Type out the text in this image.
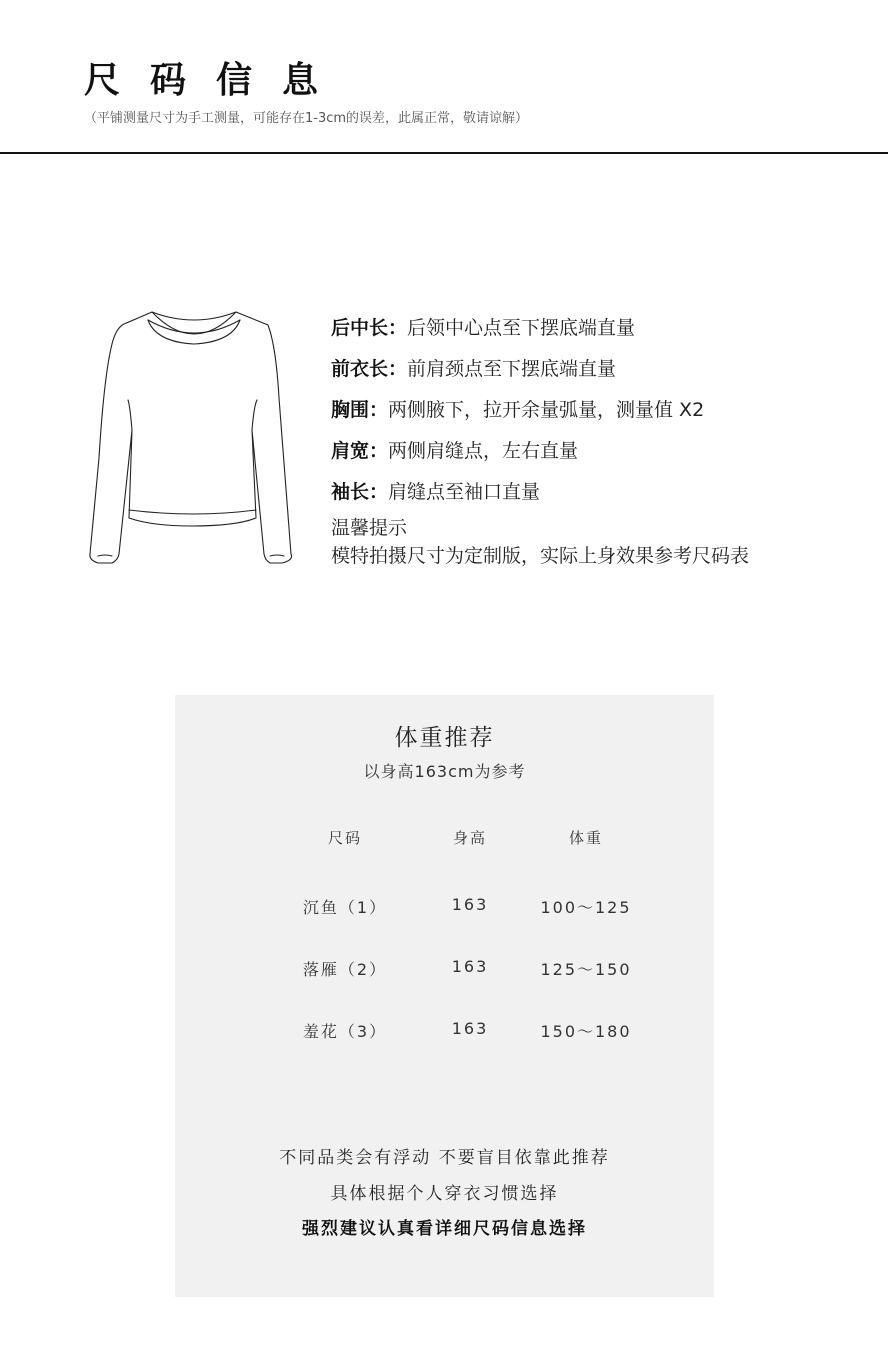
尺码信息
（平铺测量尺寸为手工测量，可能存在1-3cm的误差，此属正常，敬请谅解）
后中长：后领中心点至下摆底端直量
前衣长：前肩颈点至下摆底端直量
胸围：两侧腋下，拉开余量弧量，测量值 X2
肩宽：两侧肩缝点，左右直量
袖长：肩缝点至袖口直量
温馨提示
模特拍摄尺寸为定制版，实际上身效果参考尺码表
体重推荐
以身高163cm为参考
尺码	身高	体重
沉鱼（1）	163	100～125
落雁（2）	163	125～150
羞花（3）	163	150～180
不同品类会有浮动 不要盲目依靠此推荐
具体根据个人穿衣习惯选择
强烈建议认真看详细尺码信息选择
